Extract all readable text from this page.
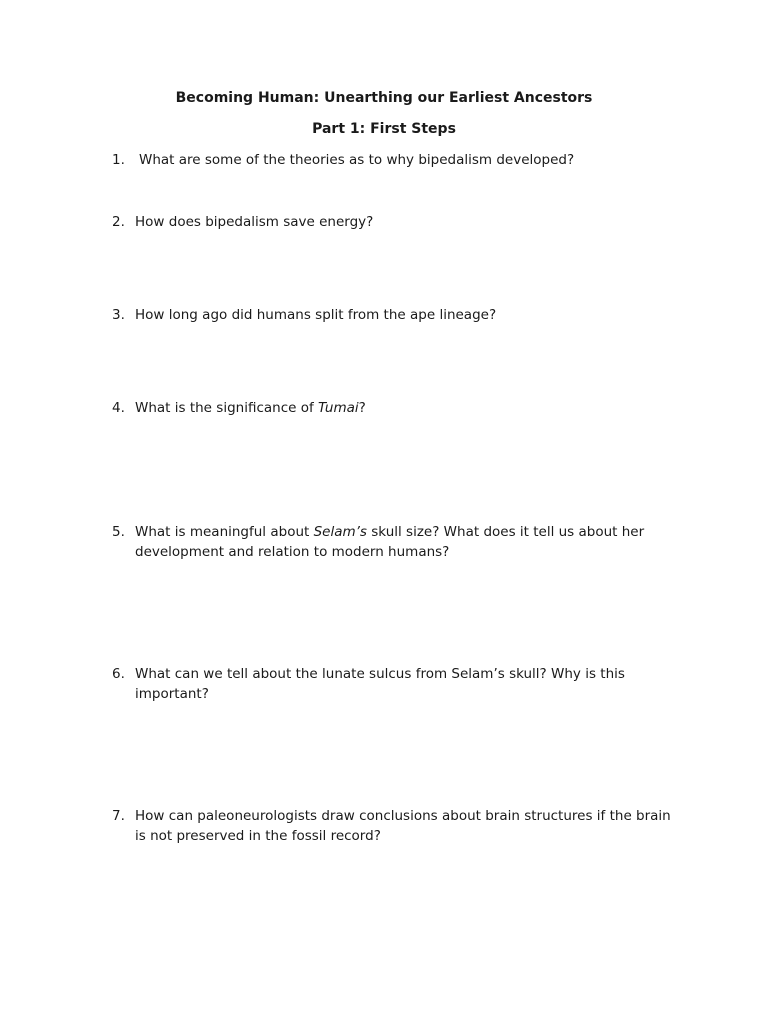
Becoming Human: Unearthing our Earliest Ancestors
Part 1: First Steps
1.	What are some of the theories as to why bipedalism developed?
2. How does bipedalism save energy?
3. How long ago did humans split from the ape lineage?
4. What is the significance of Tumai?
5. What is meaningful about Selam’s skull size? What does it tell us about her development and relation to modern humans?
6. What can we tell about the lunate sulcus from Selam’s skull? Why is this important?
7. How can paleoneurologists draw conclusions about brain structures if the brain is not preserved in the fossil record?
